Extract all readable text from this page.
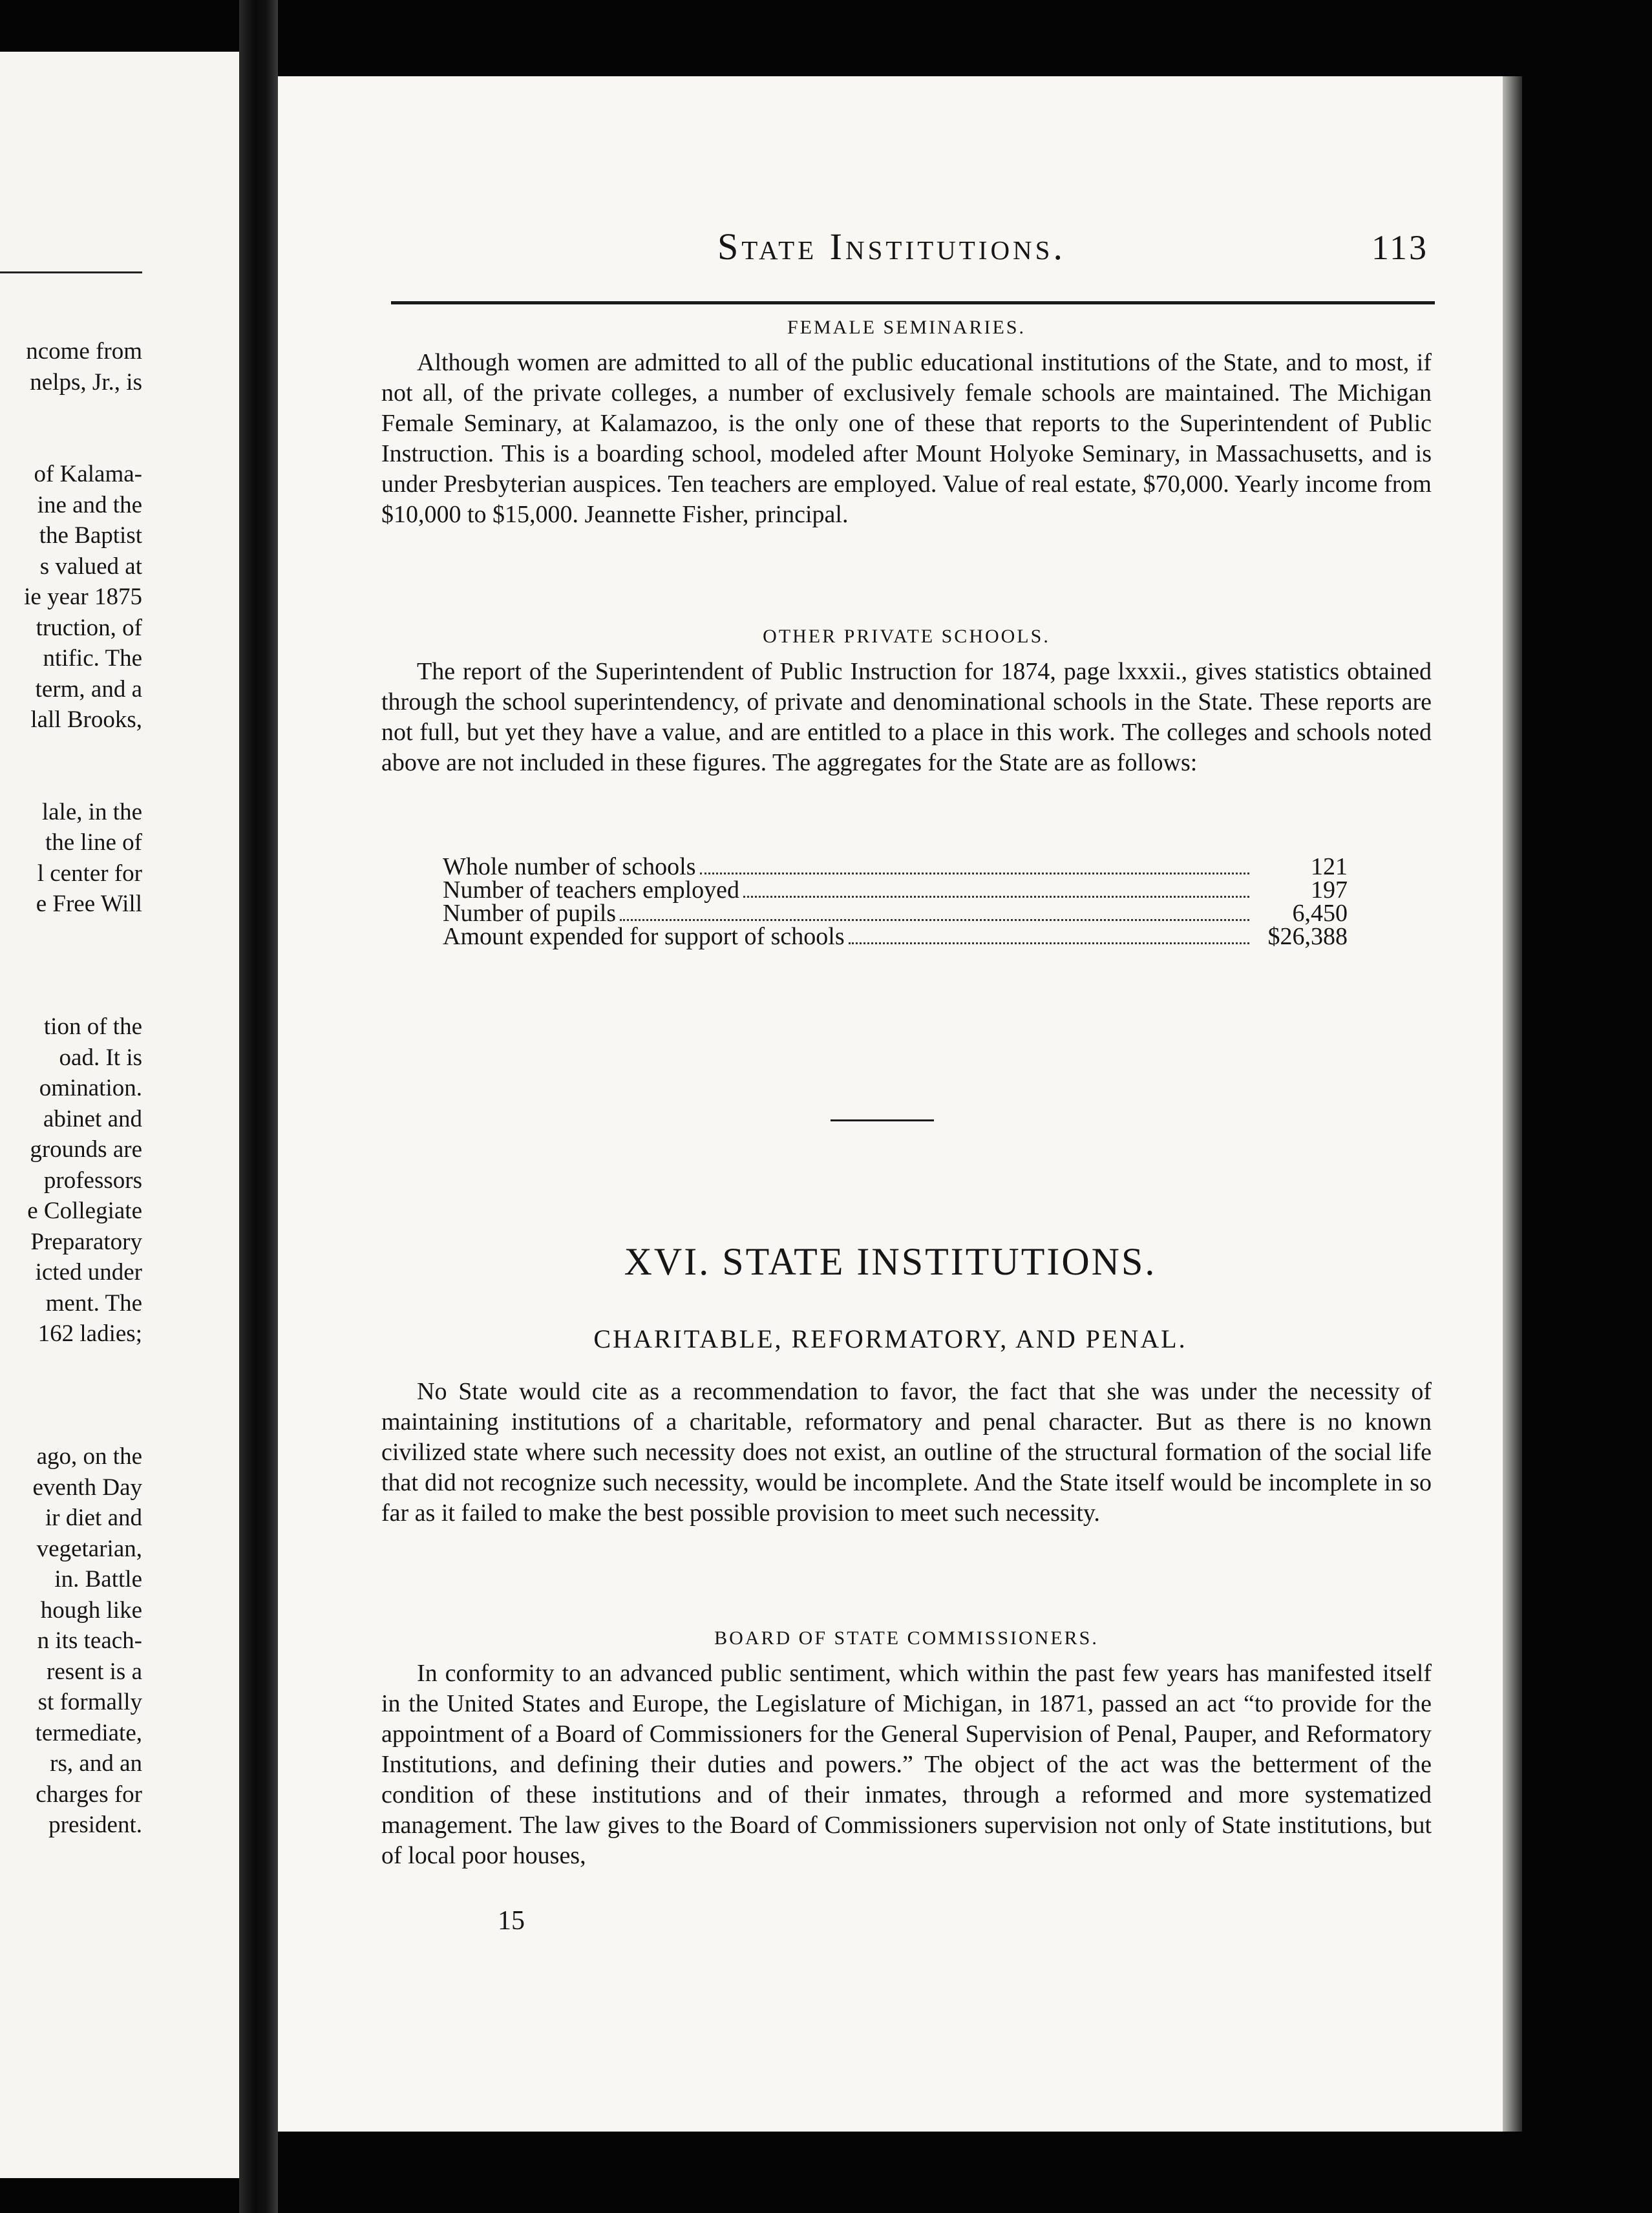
ncome from
nelps, Jr., is
of Kalama-
ine and the
the Baptist
s valued at
ie year 1875
truction, of
ntific. The
term, and a
lall Brooks,
lale, in the
the line of
l center for
e Free Will
tion of the
oad. It is
omination.
abinet and
grounds are
professors
e Collegiate
Preparatory
icted under
ment. The
162 ladies;
ago, on the
eventh Day
ir diet and
vegetarian,
in. Battle
hough like
n its teach-
resent is a
st formally
termediate,
rs, and an
charges for
president.
State Institutions.	113
FEMALE SEMINARIES.
Although women are admitted to all of the public educational institutions of the State, and to most, if not all, of the private colleges, a number of exclusively female schools are maintained. The Michigan Female Seminary, at Kalamazoo, is the only one of these that reports to the Superintendent of Public Instruction. This is a boarding school, modeled after Mount Holyoke Seminary, in Massachusetts, and is under Presbyterian auspices. Ten teachers are employed. Value of real estate, $70,000. Yearly income from $10,000 to $15,000. Jeannette Fisher, principal.
OTHER PRIVATE SCHOOLS.
The report of the Superintendent of Public Instruction for 1874, page lxxxii., gives statistics obtained through the school superintendency, of private and denominational schools in the State. These reports are not full, but yet they have a value, and are entitled to a place in this work. The colleges and schools noted above are not included in these figures. The aggregates for the State are as follows:
Whole number of schools	121
Number of teachers employed	197
Number of pupils	6,450
Amount expended for support of schools	$26,388
XVI. STATE INSTITUTIONS.
CHARITABLE, REFORMATORY, AND PENAL.
No State would cite as a recommendation to favor, the fact that she was under the necessity of maintaining institutions of a charitable, reformatory and penal character. But as there is no known civilized state where such necessity does not exist, an outline of the structural formation of the social life that did not recognize such necessity, would be incomplete. And the State itself would be incomplete in so far as it failed to make the best possible provision to meet such necessity.
BOARD OF STATE COMMISSIONERS.
In conformity to an advanced public sentiment, which within the past few years has manifested itself in the United States and Europe, the Legislature of Michigan, in 1871, passed an act “to provide for the appointment of a Board of Commissioners for the General Supervision of Penal, Pauper, and Reformatory Institutions, and defining their duties and powers.” The object of the act was the betterment of the condition of these institutions and of their inmates, through a reformed and more systematized management. The law gives to the Board of Commissioners supervision not only of State institutions, but of local poor houses,
15
